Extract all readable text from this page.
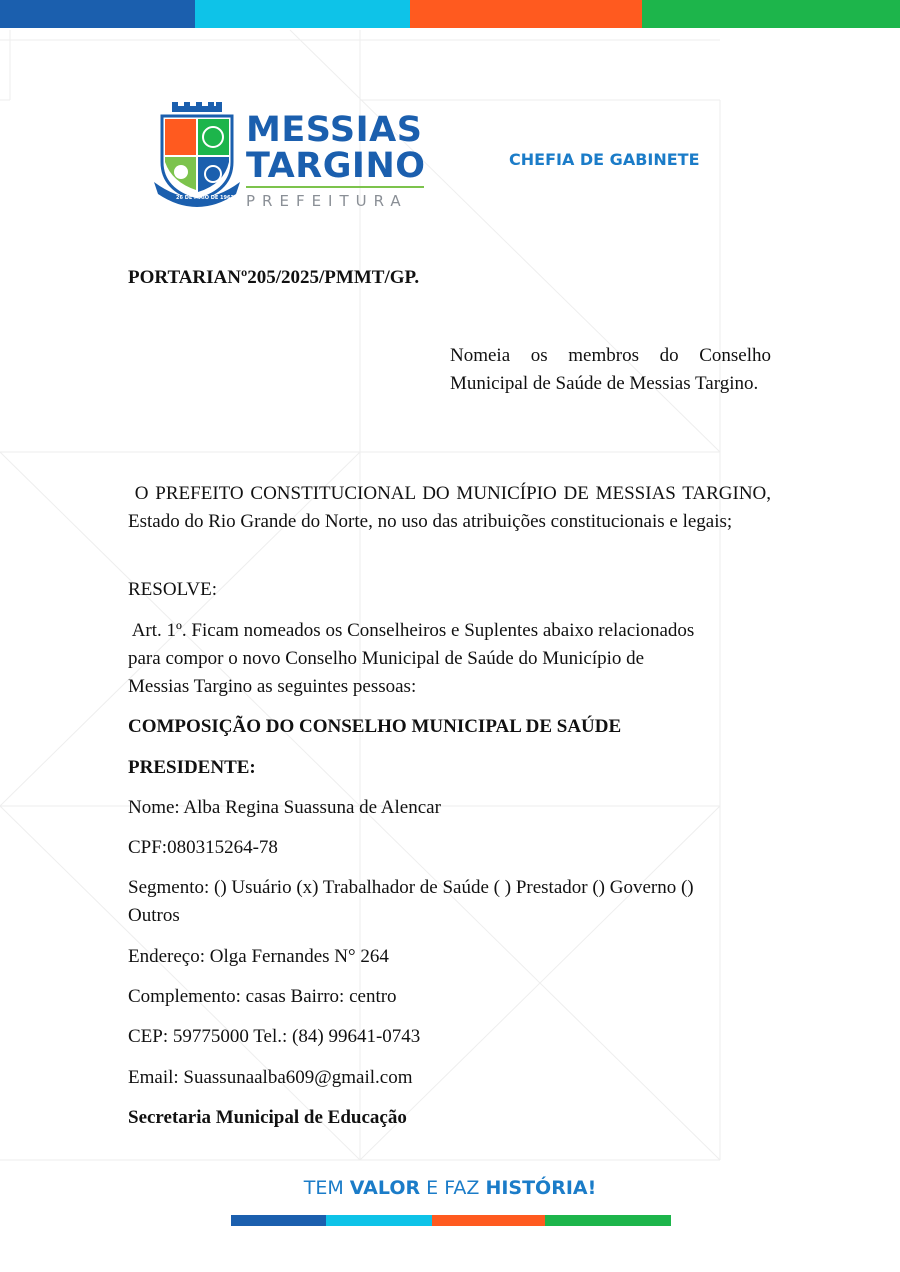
26 DE MAIO DE 1963
MESSIAS
TARGINO
PREFEITURA
CHEFIA DE GABINETE
PORTARIANº205/2025/PMMT/GP.
Nomeia os membros do Conselho Municipal de Saúde de Messias Targino.
O PREFEITO CONSTITUCIONAL DO MUNICÍPIO DE MESSIAS TARGINO, Estado do Rio Grande do Norte, no uso das atribuições constitucionais e legais;
RESOLVE:
Art. 1º. Ficam nomeados os Conselheiros e Suplentes abaixo relacionados
para compor o novo Conselho Municipal de Saúde do Município de
Messias Targino as seguintes pessoas:
COMPOSIÇÃO DO CONSELHO MUNICIPAL DE SAÚDE
PRESIDENTE:
Nome: Alba Regina Suassuna de Alencar
CPF:080315264-78
Segmento: () Usuário (x) Trabalhador de Saúde ( ) Prestador () Governo ()
Outros
Endereço: Olga Fernandes N° 264
Complemento: casas Bairro: centro
CEP: 59775000 Tel.: (84) 99641-0743
Email: Suassunaalba609@gmail.com
Secretaria Municipal de Educação
TEM VALOR E FAZ HISTÓRIA!
